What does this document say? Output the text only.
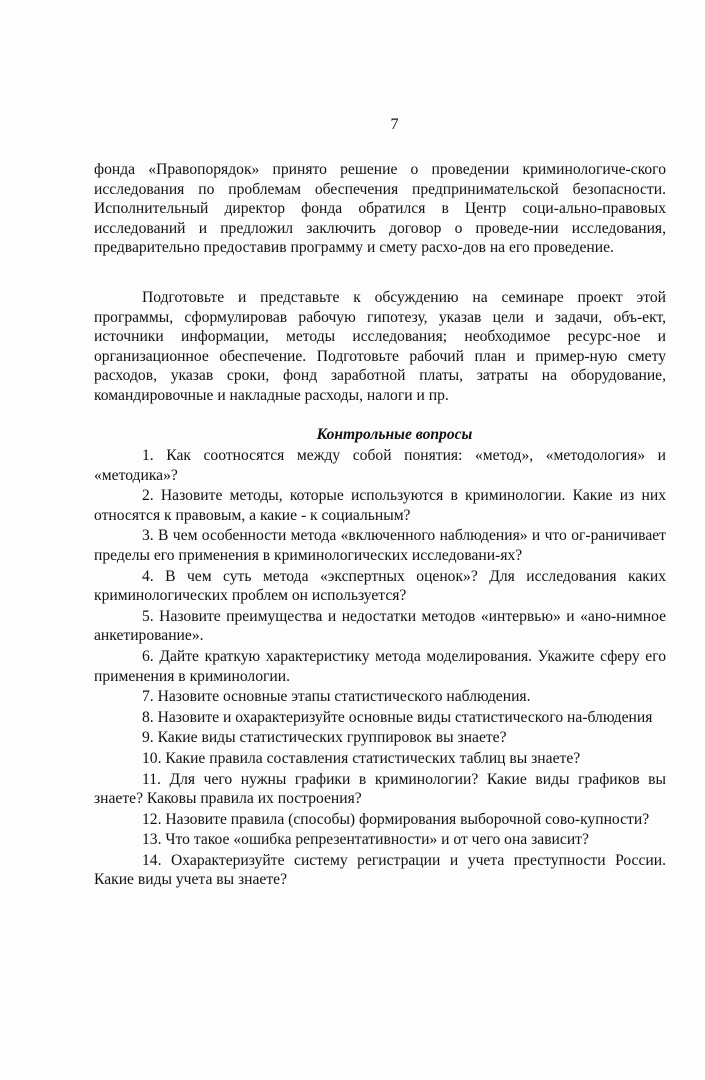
7

фонда «Правопорядок» принято решение о проведении криминологиче-ского исследования по проблемам обеспечения предпринимательской безопасности. Исполнительный директор фонда обратился в Центр соци-ально-правовых исследований и предложил заключить договор о проведе-нии исследования, предварительно предоставив программу и смету расхо-дов на его проведение.

Подготовьте и представьте к обсуждению на семинаре проект этой программы, сформулировав рабочую гипотезу, указав цели и задачи, объ-ект, источники информации, методы исследования; необходимое ресурс-ное и организационное обеспечение. Подготовьте рабочий план и пример-ную смету расходов, указав сроки, фонд заработной платы, затраты на оборудование, командировочные и накладные расходы, налоги и пр.

Контрольные вопросы

1. Как соотносятся между собой понятия: «метод», «методология» и «методика»?

2. Назовите методы, которые используются в криминологии. Какие из них относятся к правовым, а какие - к социальным?

3. В чем особенности метода «включенного наблюдения» и что ог-раничивает пределы его применения в криминологических исследовани-ях?

4. В чем суть метода «экспертных оценок»? Для исследования каких криминологических проблем он используется?

5. Назовите преимущества и недостатки методов «интервью» и «ано-нимное анкетирование».

6. Дайте краткую характеристику метода моделирования. Укажите сферу его применения в криминологии.

7. Назовите основные этапы статистического наблюдения.

8. Назовите и охарактеризуйте основные виды статистического на-блюдения

9. Какие виды статистических группировок вы знаете?

10. Какие правила составления статистических таблиц вы знаете?

11. Для чего нужны графики в криминологии? Какие виды графиков вы знаете? Каковы правила их построения?

12. Назовите правила (способы) формирования выборочной сово-купности?

13. Что такое «ошибка репрезентативности» и от чего она зависит?

14. Охарактеризуйте систему регистрации и учета преступности России. Какие виды учета вы знаете?
